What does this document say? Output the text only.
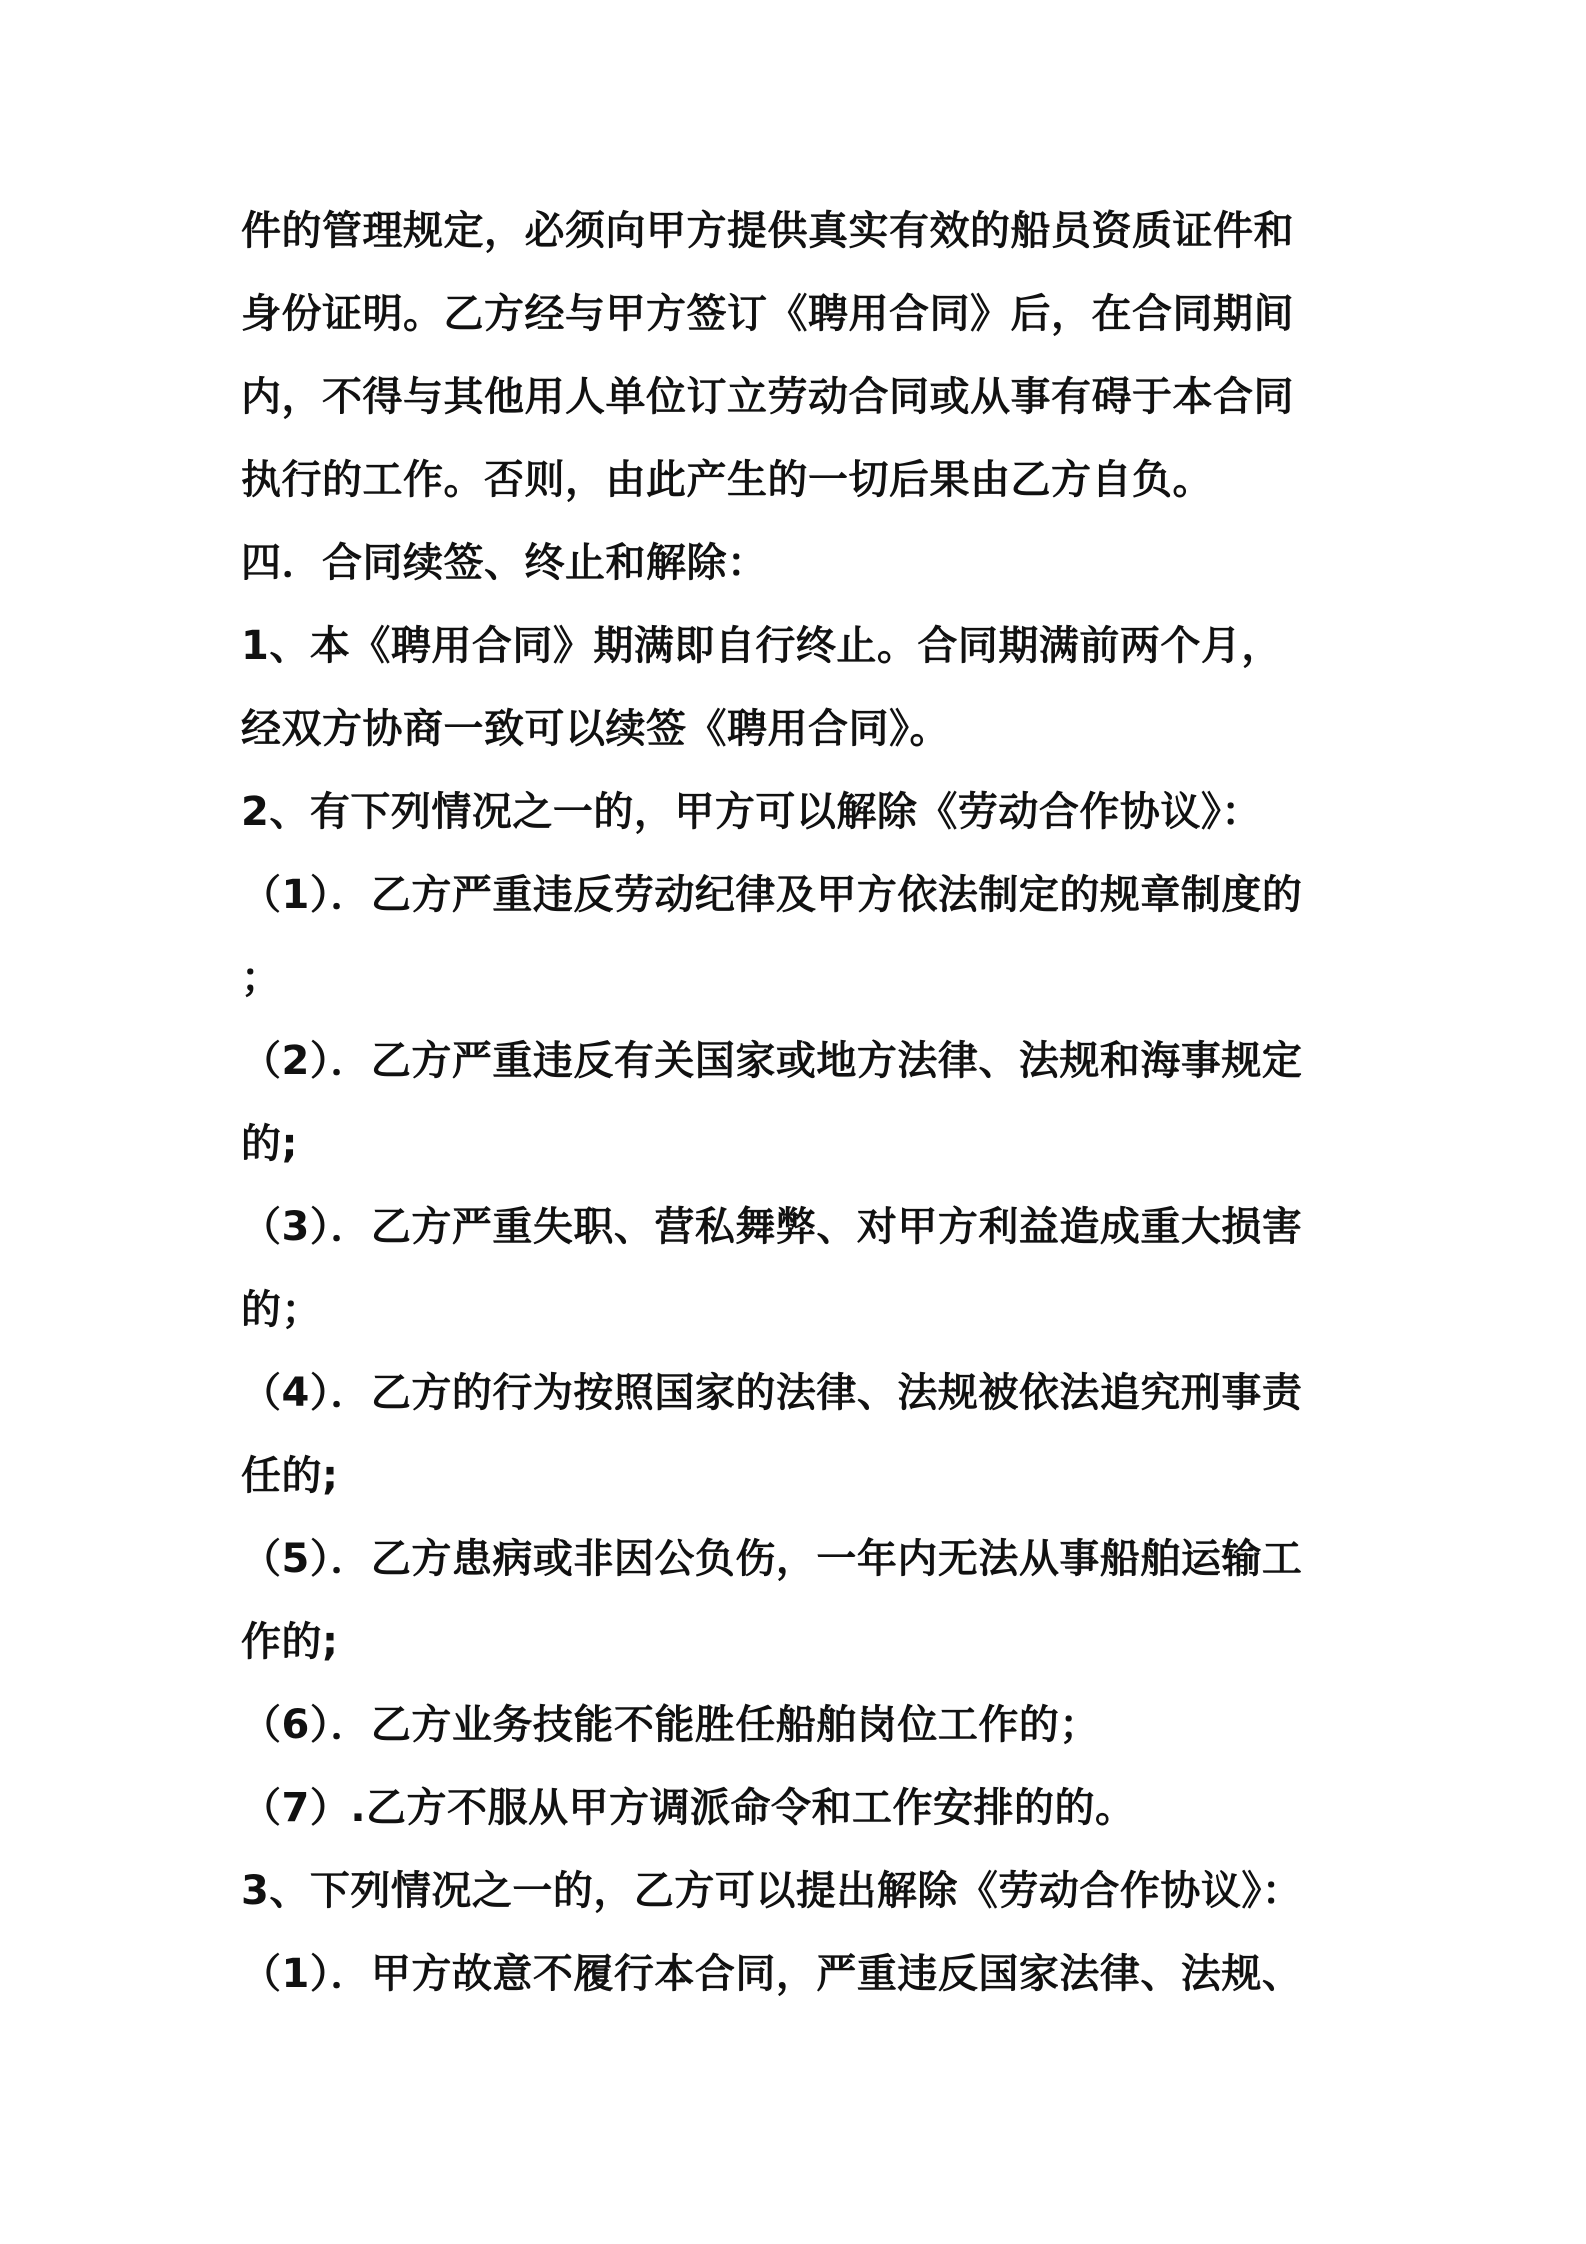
件的管理规定，必须向甲方提供真实有效的船员资质证件和
身份证明。乙方经与甲方签订《聘用合同》后，在合同期间
内，不得与其他用人单位订立劳动合同或从事有碍于本合同
执行的工作。否则，由此产生的一切后果由乙方自负。
四．合同续签、终止和解除：
1、本《聘用合同》期满即自行终止。合同期满前两个月，
经双方协商一致可以续签《聘用合同》。
2、有下列情况之一的，甲方可以解除《劳动合作协议》：
（1）．乙方严重违反劳动纪律及甲方依法制定的规章制度的
；
（2）．乙方严重违反有关国家或地方法律、法规和海事规定
的;
（3）．乙方严重失职、营私舞弊、对甲方利益造成重大损害
的；
（4）．乙方的行为按照国家的法律、法规被依法追究刑事责
任的;
（5）．乙方患病或非因公负伤，一年内无法从事船舶运输工
作的;
（6）．乙方业务技能不能胜任船舶岗位工作的；
（7）.乙方不服从甲方调派命令和工作安排的的。
3、下列情况之一的，乙方可以提出解除《劳动合作协议》：
（1）．甲方故意不履行本合同，严重违反国家法律、法规、
